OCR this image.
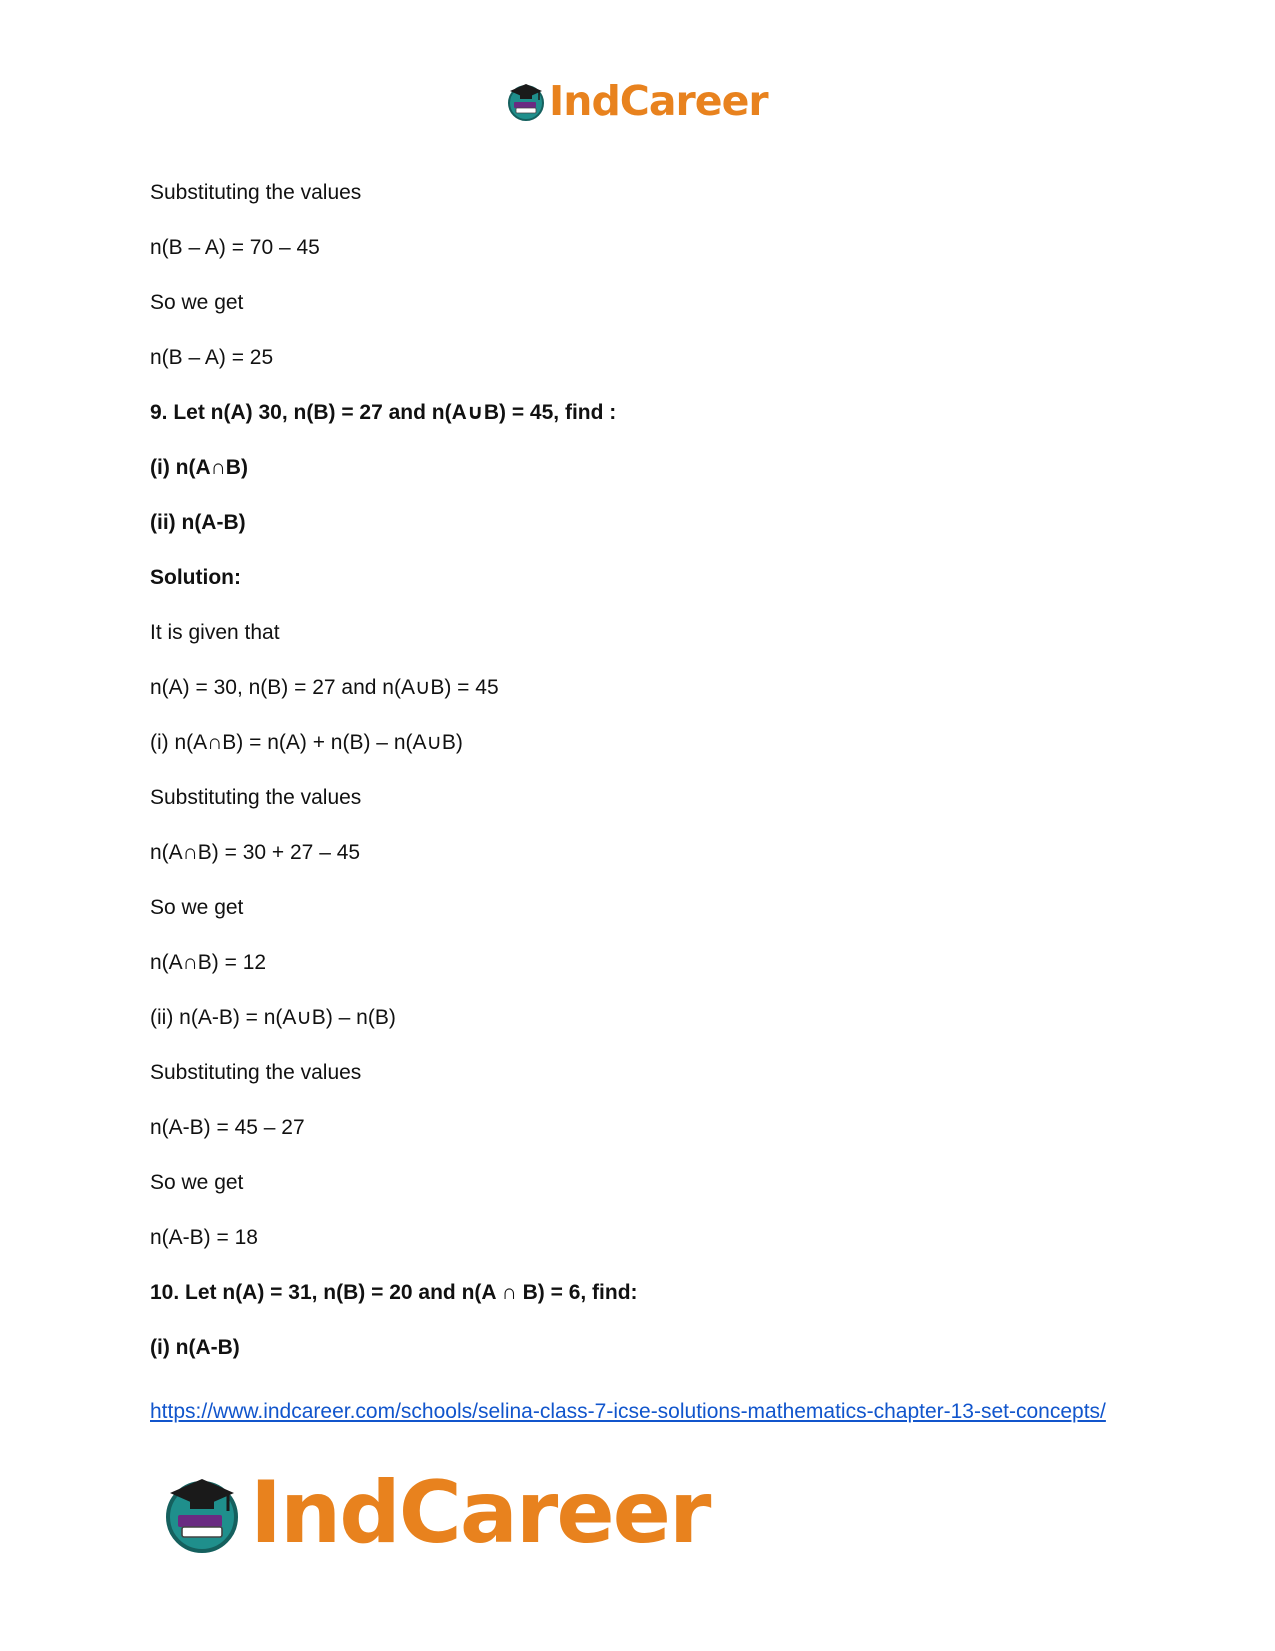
IndCareer
Substituting the values
n(B – A) = 70 – 45
So we get
n(B – A) = 25
9. Let n(A) 30, n(B) = 27 and n(A∪B) = 45, find :
(i) n(A∩B)
(ii) n(A-B)
Solution:
It is given that
n(A) = 30, n(B) = 27 and n(A∪B) = 45
(i) n(A∩B) = n(A) + n(B) – n(A∪B)
Substituting the values
n(A∩B) = 30 + 27 – 45
So we get
n(A∩B) = 12
(ii) n(A-B) = n(A∪B) – n(B)
Substituting the values
n(A-B) = 45 – 27
So we get
n(A-B) = 18
10. Let n(A) = 31, n(B) = 20 and n(A ∩ B) = 6, find:
(i) n(A-B)
https://www.indcareer.com/schools/selina-class-7-icse-solutions-mathematics-chapter-13-set-concepts/
IndCareer
